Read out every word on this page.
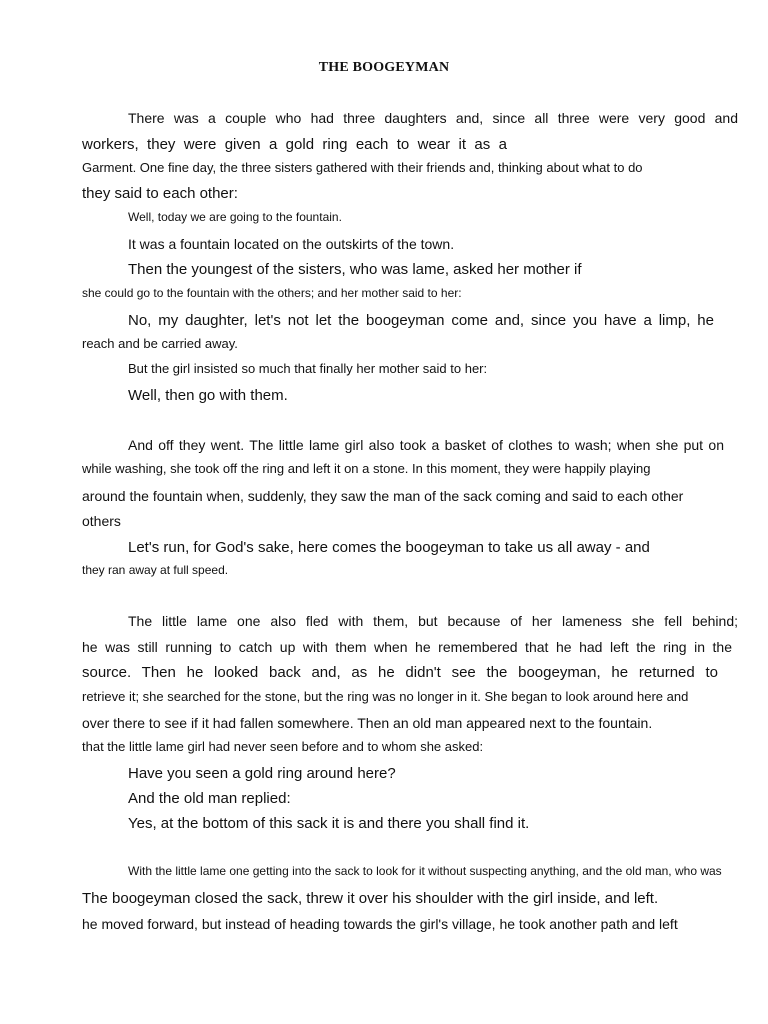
THE BOOGEYMAN
There was a couple who had three daughters and, since all three were very good and
workers, they were given a gold ring each to wear it as a
Garment. One fine day, the three sisters gathered with their friends and, thinking about what to do
they said to each other:
Well, today we are going to the fountain.
It was a fountain located on the outskirts of the town.
Then the youngest of the sisters, who was lame, asked her mother if
she could go to the fountain with the others; and her mother said to her:
No, my daughter, let's not let the boogeyman come and, since you have a limp, he
reach and be carried away.
But the girl insisted so much that finally her mother said to her:
Well, then go with them.
And off they went. The little lame girl also took a basket of clothes to wash; when she put on
while washing, she took off the ring and left it on a stone. In this moment, they were happily playing
around the fountain when, suddenly, they saw the man of the sack coming and said to each other
others
Let's run, for God's sake, here comes the boogeyman to take us all away - and
they ran away at full speed.
The little lame one also fled with them, but because of her lameness she fell behind;
he was still running to catch up with them when he remembered that he had left the ring in the
source. Then he looked back and, as he didn't see the boogeyman, he returned to
retrieve it; she searched for the stone, but the ring was no longer in it. She began to look around here and
over there to see if it had fallen somewhere. Then an old man appeared next to the fountain.
that the little lame girl had never seen before and to whom she asked:
Have you seen a gold ring around here?
And the old man replied:
Yes, at the bottom of this sack it is and there you shall find it.
With the little lame one getting into the sack to look for it without suspecting anything, and the old man, who was
The boogeyman closed the sack, threw it over his shoulder with the girl inside, and left.
he moved forward, but instead of heading towards the girl's village, he took another path and left
